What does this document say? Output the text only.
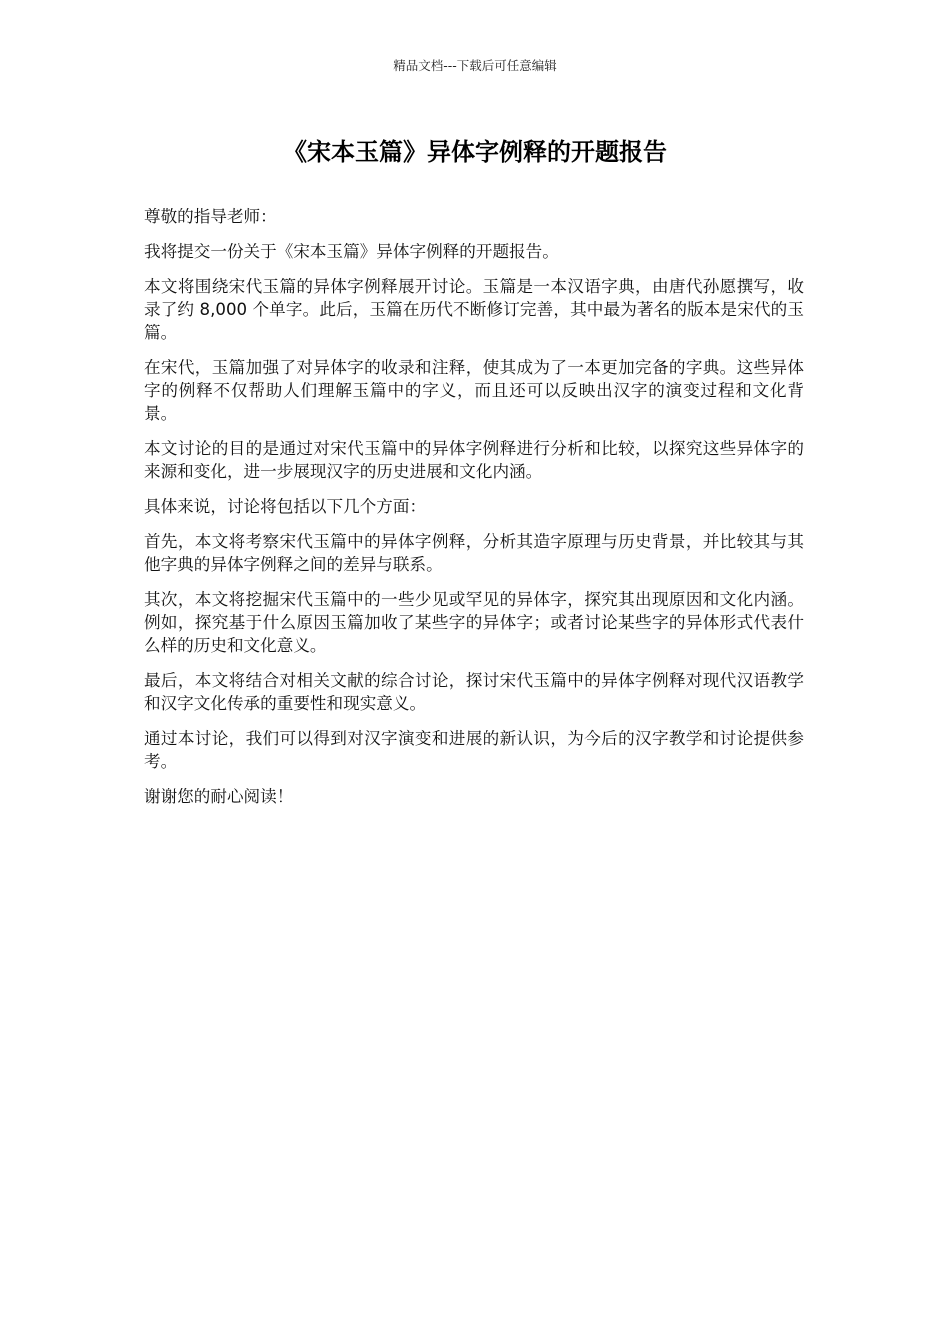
精品文档---下载后可任意编辑
《宋本玉篇》异体字例释的开题报告

尊敬的指导老师：

我将提交一份关于《宋本玉篇》异体字例释的开题报告。

本文将围绕宋代玉篇的异体字例释展开讨论。玉篇是一本汉语字典，由唐代孙愿撰写，收录了约 8,000 个单字。此后，玉篇在历代不断修订完善，其中最为著名的版本是宋代的玉篇。

在宋代，玉篇加强了对异体字的收录和注释，使其成为了一本更加完备的字典。这些异体字的例释不仅帮助人们理解玉篇中的字义，而且还可以反映出汉字的演变过程和文化背景。

本文讨论的目的是通过对宋代玉篇中的异体字例释进行分析和比较，以探究这些异体字的来源和变化，进一步展现汉字的历史进展和文化内涵。

具体来说，讨论将包括以下几个方面：

首先，本文将考察宋代玉篇中的异体字例释，分析其造字原理与历史背景，并比较其与其他字典的异体字例释之间的差异与联系。

其次，本文将挖掘宋代玉篇中的一些少见或罕见的异体字，探究其出现原因和文化内涵。例如，探究基于什么原因玉篇加收了某些字的异体字；或者讨论某些字的异体形式代表什么样的历史和文化意义。

最后，本文将结合对相关文献的综合讨论，探讨宋代玉篇中的异体字例释对现代汉语教学和汉字文化传承的重要性和现实意义。

通过本讨论，我们可以得到对汉字演变和进展的新认识，为今后的汉字教学和讨论提供参考。

谢谢您的耐心阅读！
